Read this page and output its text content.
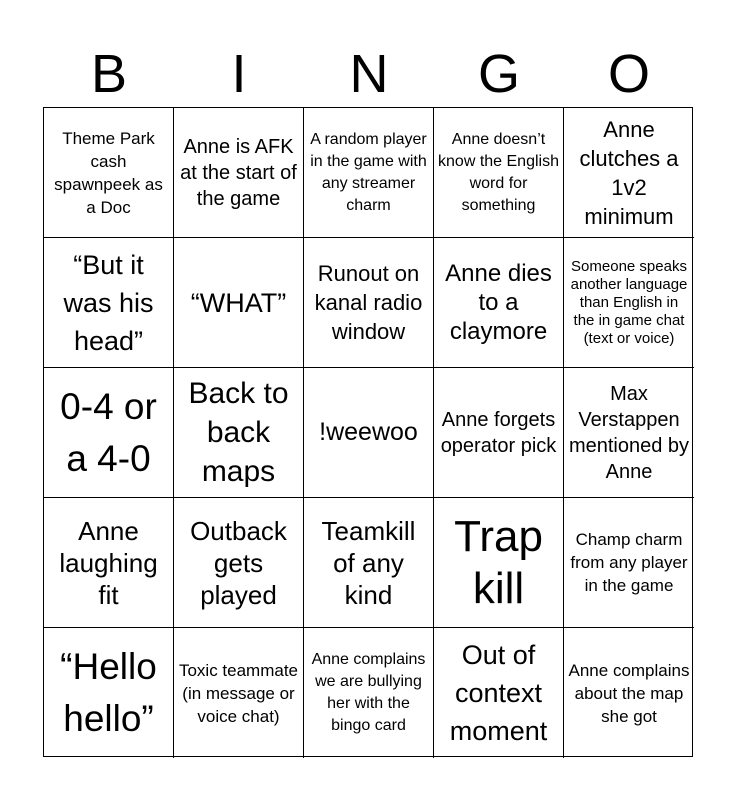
B	I	N	G	O
Theme Park cash spawnpeek as a Doc
Anne is AFK at the start of the game
A random player in the game with any streamer charm
Anne doesn’t know the English word for something
Anne clutches a 1v2 minimum
“But it was his head”
“WHAT”
Runout on kanal radio window
Anne dies to a claymore
Someone speaks another language than English in the in game chat (text or voice)
0-4 or a 4-0
Back to back maps
!weewoo Anne forgets operator pick
Max Verstappen mentioned by Anne
Anne laughing fit
Outback gets played
Teamkill of any kind
Trap kill
Champ charm from any player in the game
“Hello hello”
Toxic teammate (in message or voice chat)
Anne complains we are bullying her with the bingo card
Out of context moment
Anne complains about the map she got
